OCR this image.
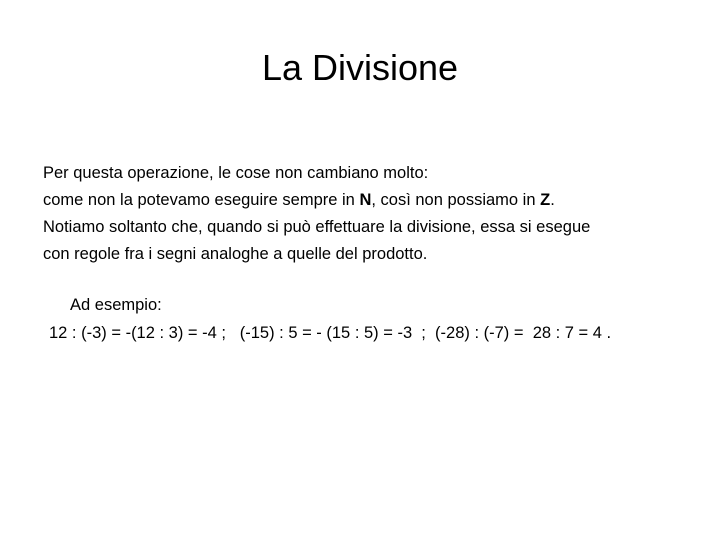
La Divisione
Per questa operazione, le cose non cambiano molto:
come non la potevamo eseguire sempre in N, così non possiamo in Z.
Notiamo soltanto che, quando si può effettuare la divisione, essa si esegue
con regole fra i segni analoghe a quelle del prodotto.
Ad esempio:
12 : (-3) = -(12 : 3) = -4 ;   (-15) : 5 = - (15 : 5) = -3  ;  (-28) : (-7) =  28 : 7 = 4 .
